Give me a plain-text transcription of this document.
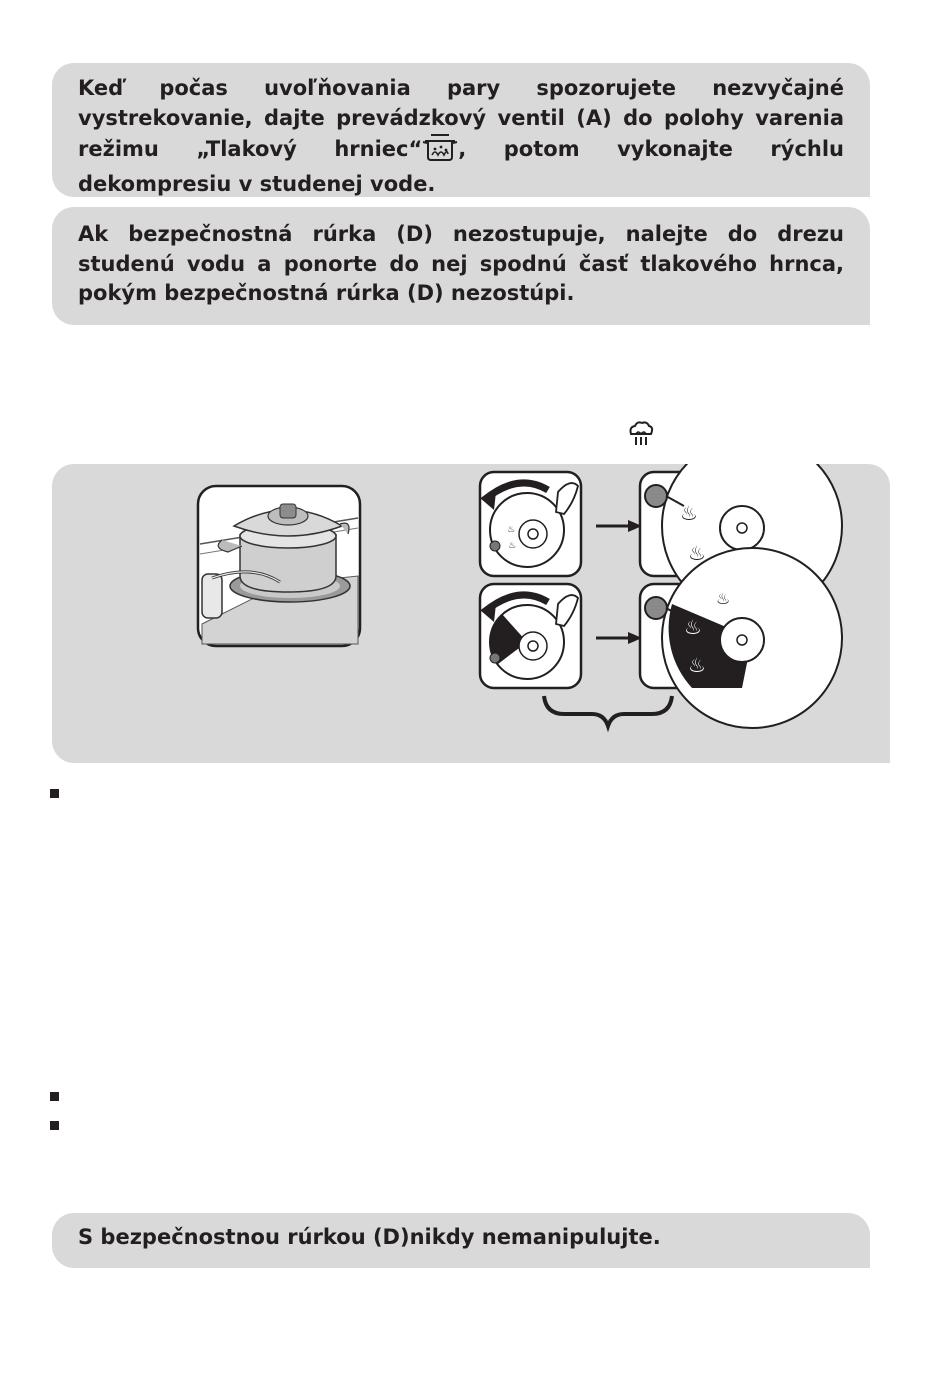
Keď počas uvoľňovania pary spozorujete nezvyčajné vystrekovanie, dajte prevádzkový ventil (A) do polohy varenia režimu „Tlakový hrniec“ , potom vykonajte rýchlu dekompresiu v studenej vode.

Ak bezpečnostná rúrka (D) nezostupuje, nalejte do drezu studenú vodu a ponorte do nej spodnú časť tlakového hrnca, pokým bezpečnostná rúrka (D) nezostúpi.

♨
♨
♨
♨
♨
♨
♨

S bezpečnostnou rúrkou (D)nikdy nemanipulujte.
